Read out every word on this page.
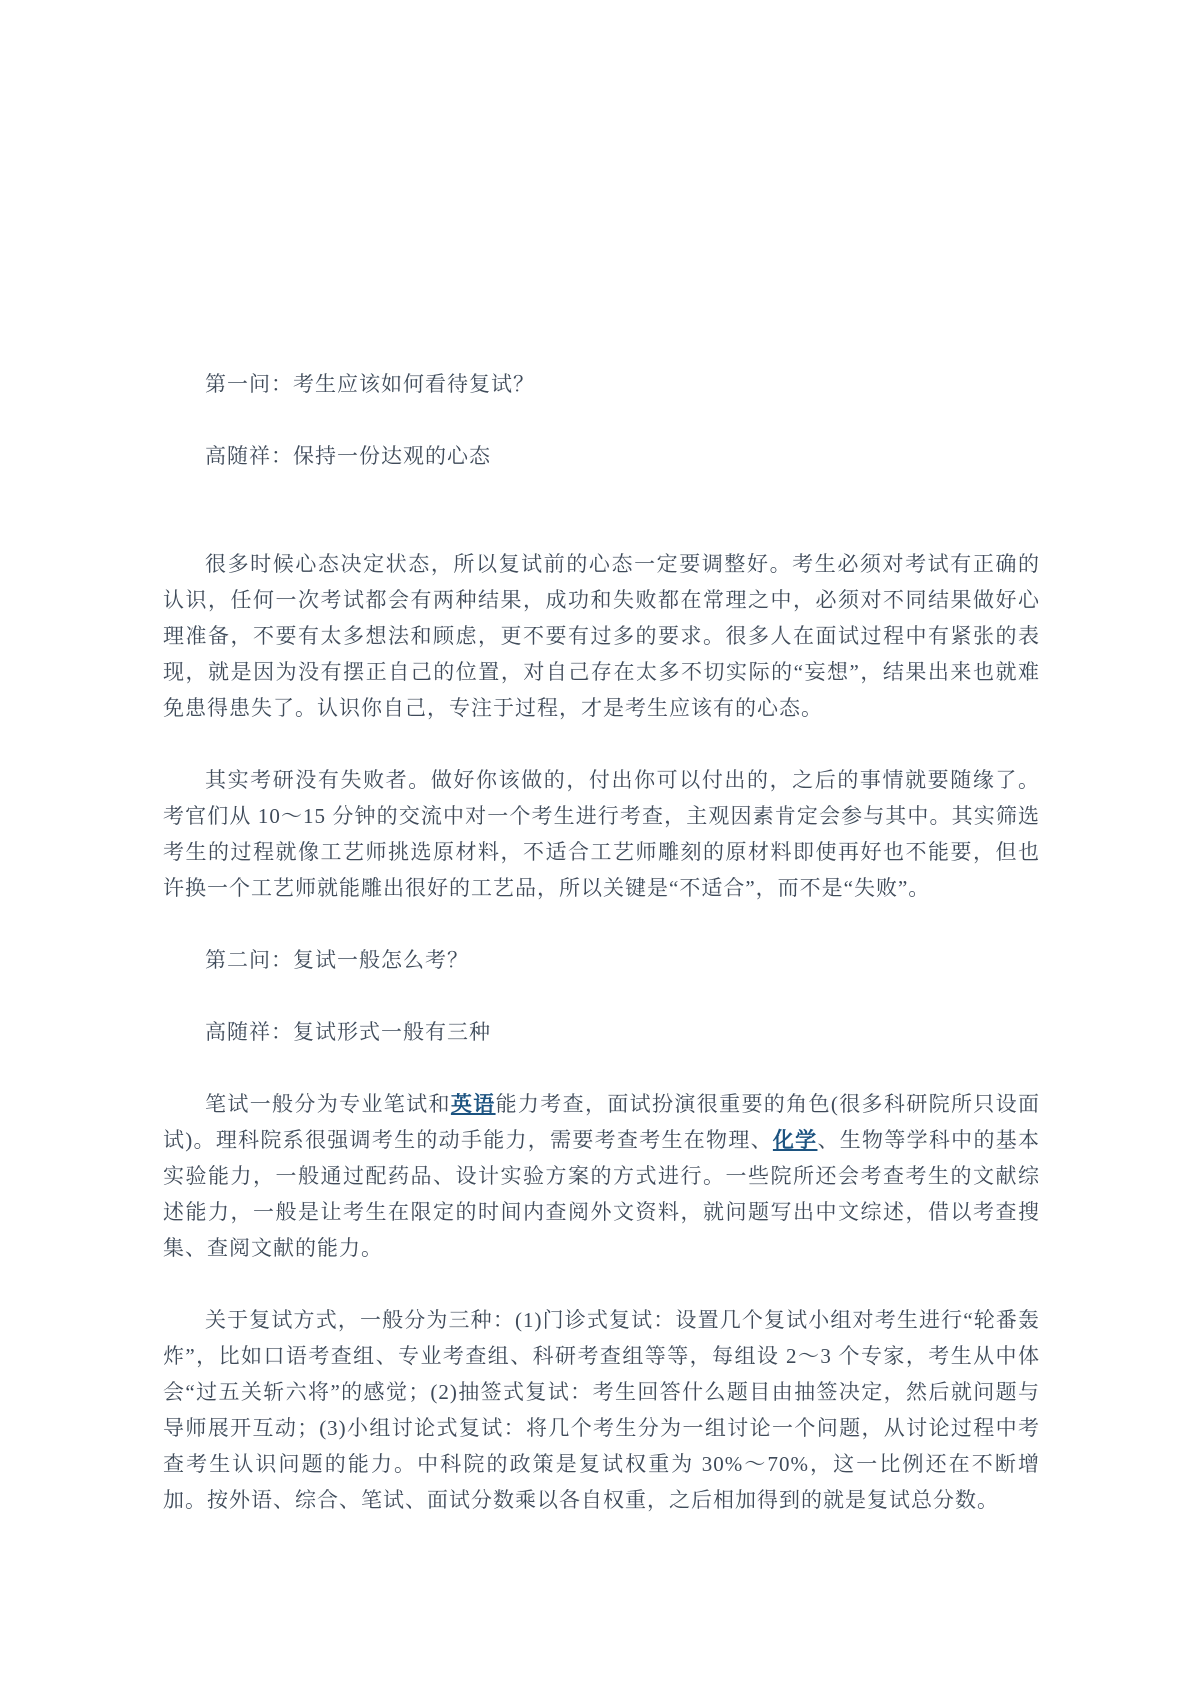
第一问：考生应该如何看待复试？

高随祥：保持一份达观的心态

很多时候心态决定状态，所以复试前的心态一定要调整好。考生必须对考试有正确的认识，任何一次考试都会有两种结果，成功和失败都在常理之中，必须对不同结果做好心理准备，不要有太多想法和顾虑，更不要有过多的要求。很多人在面试过程中有紧张的表现，就是因为没有摆正自己的位置，对自己存在太多不切实际的“妄想”，结果出来也就难免患得患失了。认识你自己，专注于过程，才是考生应该有的心态。

其实考研没有失败者。做好你该做的，付出你可以付出的，之后的事情就要随缘了。考官们从 10～15 分钟的交流中对一个考生进行考查，主观因素肯定会参与其中。其实筛选考生的过程就像工艺师挑选原材料，不适合工艺师雕刻的原材料即使再好也不能要，但也许换一个工艺师就能雕出很好的工艺品，所以关键是“不适合”，而不是“失败”。

第二问：复试一般怎么考？

高随祥：复试形式一般有三种

笔试一般分为专业笔试和英语能力考查，面试扮演很重要的角色(很多科研院所只设面试)。理科院系很强调考生的动手能力，需要考查考生在物理、化学、生物等学科中的基本实验能力，一般通过配药品、设计实验方案的方式进行。一些院所还会考查考生的文献综述能力，一般是让考生在限定的时间内查阅外文资料，就问题写出中文综述，借以考查搜集、查阅文献的能力。

关于复试方式，一般分为三种：(1)门诊式复试：设置几个复试小组对考生进行“轮番轰炸”，比如口语考查组、专业考查组、科研考查组等等，每组设 2～3 个专家，考生从中体会“过五关斩六将”的感觉；(2)抽签式复试：考生回答什么题目由抽签决定，然后就问题与导师展开互动；(3)小组讨论式复试：将几个考生分为一组讨论一个问题，从讨论过程中考查考生认识问题的能力。中科院的政策是复试权重为 30%～70%，这一比例还在不断增加。按外语、综合、笔试、面试分数乘以各自权重，之后相加得到的就是复试总分数。
